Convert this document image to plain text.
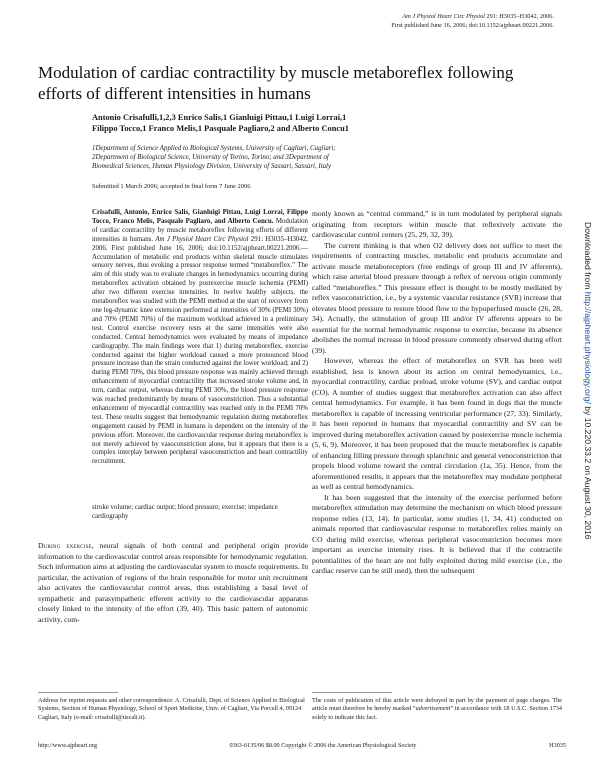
Am J Physiol Heart Circ Physiol 291: H3035–H3042, 2006.
First published June 16, 2006; doi:10.1152/ajpheart.00221.2006.
Modulation of cardiac contractility by muscle metaboreflex following efforts of different intensities in humans
Antonio Crisafulli,1,2,3 Enrico Salis,1 Gianluigi Pittau,1 Luigi Lorrai,1
Filippo Tocco,1 Franco Melis,1 Pasquale Pagliaro,2 and Alberto Concu1
1Department of Science Applied to Biological Systems, University of Cagliari, Cagliari;
2Department of Biological Science, University of Torino, Torino; and 3Department of
Biomedical Sciences, Human Physiology Division, University of Sassari, Sassari, Italy
Submitted 1 March 2006; accepted in final form 7 June 2006
Crisafulli, Antonio, Enrico Salis, Gianluigi Pittau, Luigi Lorrai, Filippo Tocco, Franco Melis, Pasquale Pagliaro, and Alberto Concu. Modulation of cardiac contractility by muscle metaboreflex following efforts of different intensities in humans. Am J Physiol Heart Circ Physiol 291: H3035–H3042, 2006. First published June 16, 2006; doi:10.1152/ajpheart.00221.2006.—Accumulation of metabolic end products within skeletal muscle stimulates sensory nerves, thus evoking a pressor response termed “metaboreflex.” The aim of this study was to evaluate changes in hemodynamics occurring during metaboreflex activation obtained by postexercise muscle ischemia (PEMI) after two different exercise intensities. In twelve healthy subjects, the metaboreflex was studied with the PEMI method at the start of recovery from one leg-dynamic knee extension performed at intensities of 30% (PEMI 30%) and 70% (PEMI 70%) of the maximum workload achieved in a preliminary test. Control exercise recovery tests at the same intensities were also conducted. Central hemodynamics were evaluated by means of impedance cardiography. The main findings were that 1) during metaboreflex, exercise conducted against the higher workload caused a more pronounced blood pressure increase than the strain conducted against the lower workload; and 2) during PEMI 70%, this blood pressure response was mainly achieved through enhancement of myocardial contractility that increased stroke volume and, in turn, cardiac output, whereas during PEMI 30%, the blood pressure response was reached predominantly by means of vasoconstriction. Thus a substantial enhancement of myocardial contractility was reached only in the PEMI 70% test. These results suggest that hemodynamic regulation during metaboreflex engagement caused by PEMI in humans is dependent on the intensity of the previous effort. Moreover, the cardiovascular response during metaboreflex is not merely achieved by vasoconstriction alone, but it appears that there is a complex interplay between peripheral vasoconstriction and heart contractility recruitment.
stroke volume; cardiac output; blood pressure; exercise; impedance cardiography
During exercise, neural signals of both central and peripheral origin provide information to the cardiovascular control areas responsible for hemodynamic regulation. Such information aims at adjusting the cardiovascular system to muscle requirements. In particular, the activation of regions of the brain responsible for motor unit recruitment also activates the cardiovascular control areas, thus establishing a basal level of sympathetic and parasympathetic efferent activity to the cardiovascular apparatus closely linked to the intensity of the effort (39, 40). This basic pattern of autonomic activity, com-

monly known as “central command,” is in turn modulated by peripheral signals originating from receptors within muscle that reflexively activate the cardiovascular control centers (25, 29, 32, 39).

The current thinking is that when O2 delivery does not suffice to meet the requirements of contracting muscles, metabolic end products accumulate and activate muscle metaboreceptors (free endings of group III and IV afferents), which raise arterial blood pressure through a reflex of nervous origin commonly called “metaboreflex.” This pressure effect is thought to be mostly mediated by reflex vasoconstriction, i.e., by a systemic vascular resistance (SVR) increase that elevates blood pressure to restore blood flow to the hypoperfused muscle (26, 28, 34). Actually, the stimulation of group III and/or IV afferents appears to be essential for the normal hemodynamic response to exercise, because its absence abolishes the normal increase in blood pressure commonly observed during effort (39).

However, whereas the effect of metaboreflex on SVR has been well established, less is known about its action on central hemodynamics, i.e., myocardial contractility, cardiac preload, stroke volume (SV), and cardiac output (CO). A number of studies suggest that metaboreflex activation can also affect central hemodynamics. For example, it has been found in dogs that the muscle metaboreflex is capable of increasing ventricular performance (27, 33). Similarly, it has been reported in humans that myocardial contractility and SV can be improved during metaboreflex activation caused by postexercise muscle ischemia (5, 6, 9). Moreover, it has been proposed that the muscle metaboreflex is capable of enhancing filling pressure through splanchnic and general venoconstriction that propels blood volume toward the central circulation (1a, 35). Hence, from the aforementioned results, it appears that the metaboreflex may modulate peripheral as well as central hemodynamics.

It has been suggested that the intensity of the exercise performed before metaboreflex stimulation may determine the mechanism on which blood pressure response relies (13, 14). In particular, some studies (1, 34, 41) conducted on animals reported that cardiovascular response to metaboreflex relies mainly on CO during mild exercise, whereas peripheral vasoconstriction becomes more important as exercise intensity rises. It is believed that if the contractile potentialities of the heart are not fully exploited during mild exercise (i.e., the cardiac reserve can be still used), then the subsequent

Address for reprint requests and other correspondence: A. Crisafulli, Dept. of Science Applied to Biological Systems, Section of Human Physiology, School of Sport Medicine, Univ. of Cagliari, Via Porcell 4, 09124 Cagliari, Italy (e-mail: crisafulli@tiscali.it).
The costs of publication of this article were defrayed in part by the payment of page charges. The article must therefore be hereby marked “advertisement” in accordance with 18 U.S.C. Section 1734 solely to indicate this fact.
http://www.ajpheart.org	0363-6135/06 $8.00 Copyright © 2006 the American Physiological Society	H3035
Downloaded from http://ajpheart.physiology.org/ by 10.220.33.2 on August 30, 2016
